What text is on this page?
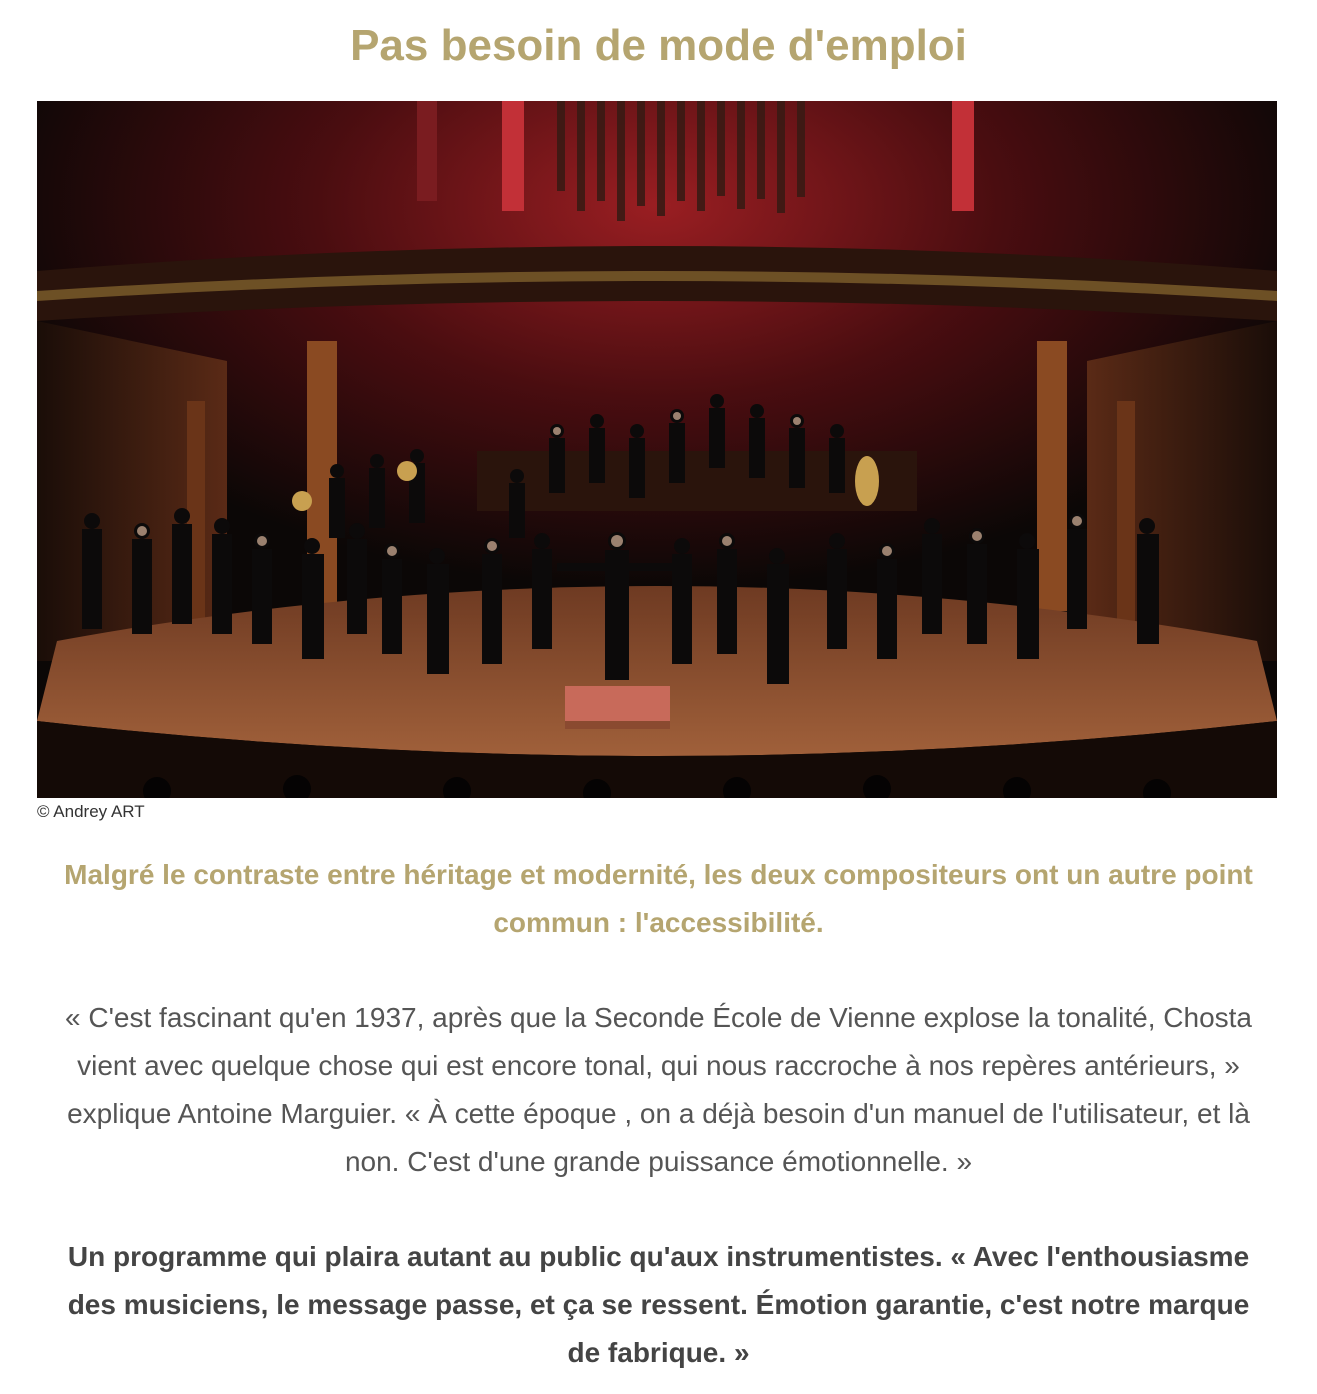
Pas besoin de mode d'emploi
© Andrey ART

Malgré le contraste entre héritage et modernité, les deux compositeurs ont un autre point commun : l'accessibilité.

« C'est fascinant qu'en 1937, après que la Seconde École de Vienne explose la tonalité, Chosta vient avec quelque chose qui est encore tonal, qui nous raccroche à nos repères antérieurs, » explique Antoine Marguier. « À cette époque , on a déjà besoin d'un manuel de l'utilisateur, et là non. C'est d'une grande puissance émotionnelle. »

Un programme qui plaira autant au public qu'aux instrumentistes. « Avec l'enthousiasme des musiciens, le message passe, et ça se ressent. Émotion garantie, c'est notre marque de fabrique. »
